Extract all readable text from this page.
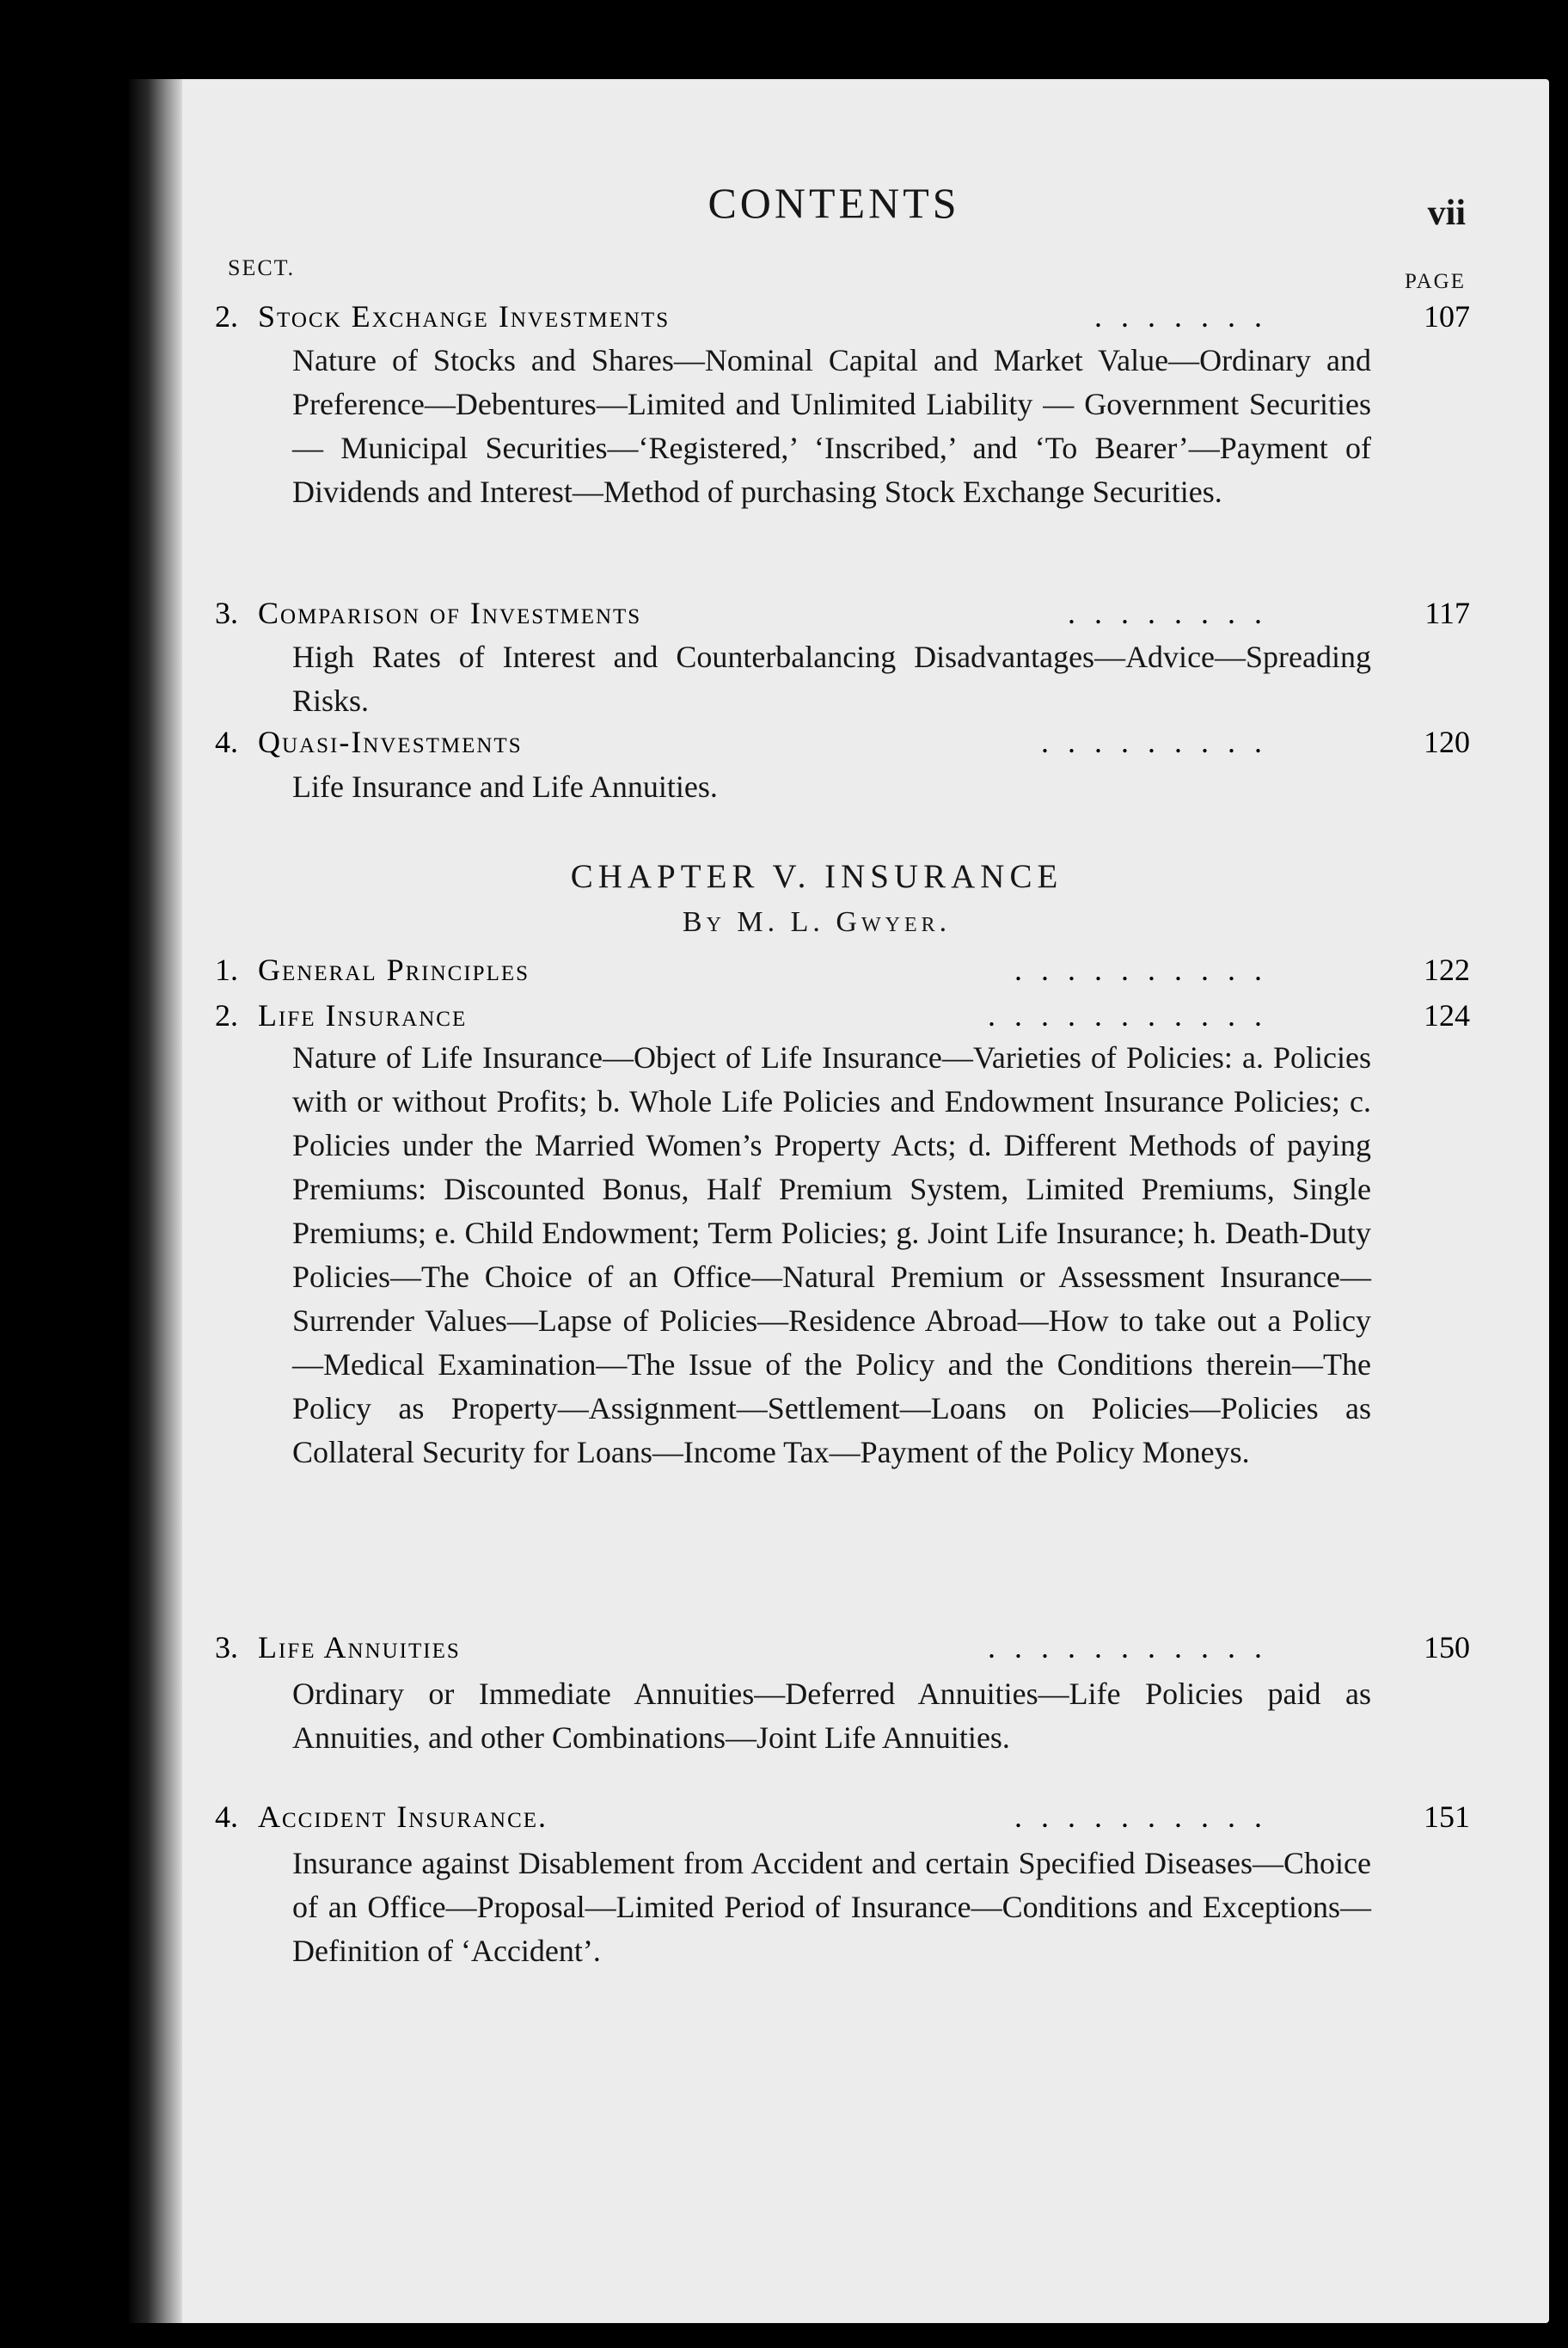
CONTENTS	vii
SECT.
PAGE
2. Stock Exchange Investments	.......	107
Nature of Stocks and Shares—Nominal Capital and Market Value—Ordinary and Preference—Debentures—Limited and Unlimited Liability — Government Securities — Municipal Securities—‘Registered,’ ‘Inscribed,’ and ‘To Bearer’—Payment of Dividends and Interest—Method of purchasing Stock Exchange Securities.
3. Comparison of Investments	........	117
High Rates of Interest and Counterbalancing Disadvantages—Advice—Spreading Risks.
4. Quasi-Investments	.........	120
Life Insurance and Life Annuities.
CHAPTER V. INSURANCE
By M. L. Gwyer.
1. General Principles	..........	122
2. Life Insurance	...........	124
Nature of Life Insurance—Object of Life Insurance—Varieties of Policies: a. Policies with or without Profits; b. Whole Life Policies and Endowment Insurance Policies; c. Policies under the Married Women’s Property Acts; d. Different Methods of paying Premiums: Discounted Bonus, Half Premium System, Limited Premiums, Single Premiums; e. Child Endowment; Term Policies; g. Joint Life Insurance; h. Death-Duty Policies—The Choice of an Office—Natural Premium or Assessment Insurance—Surrender Values—Lapse of Policies—Residence Abroad—How to take out a Policy—Medical Examination—The Issue of the Policy and the Conditions therein—The Policy as Property—Assignment—Settlement—Loans on Policies—Policies as Collateral Security for Loans—Income Tax—Payment of the Policy Moneys.
3. Life Annuities	...........	150
Ordinary or Immediate Annuities—Deferred Annuities—Life Policies paid as Annuities, and other Combinations—Joint Life Annuities.
4. Accident Insurance.	..........	151
Insurance against Disablement from Accident and certain Specified Diseases—Choice of an Office—Proposal—Limited Period of Insurance—Conditions and Exceptions—Definition of ‘Accident’.
